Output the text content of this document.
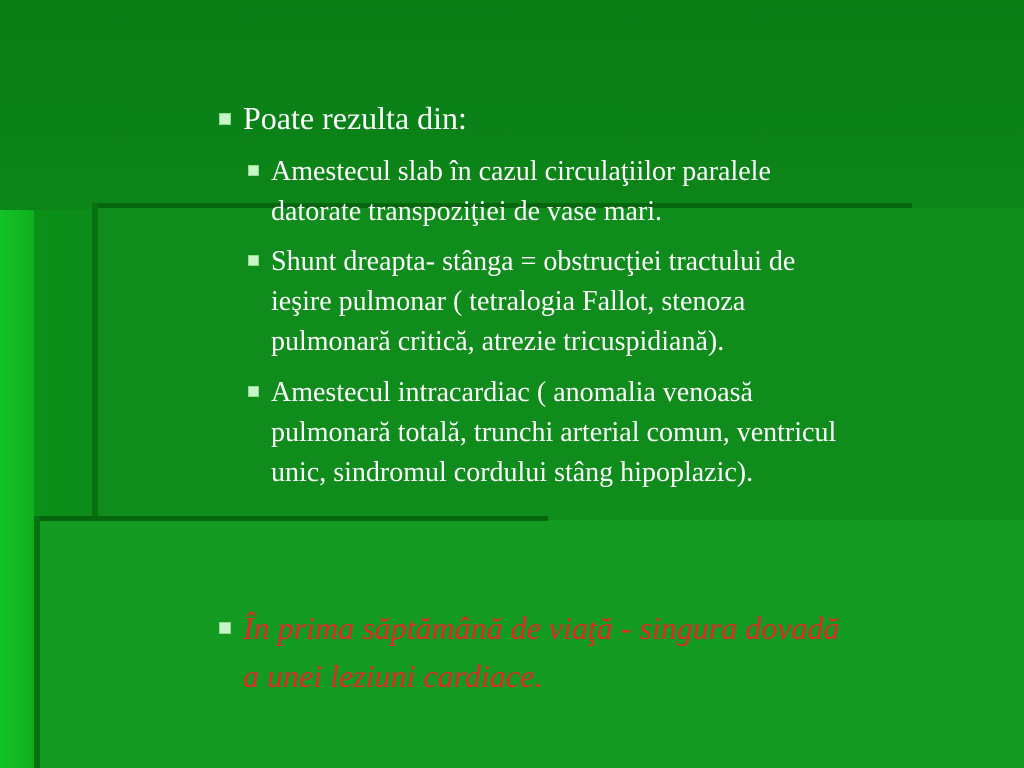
Poate rezulta din:
Amestecul slab în cazul circulaţiilor paralele
datorate transpoziţiei de vase mari.
Shunt dreapta- stânga = obstrucţiei tractului de
ieşire pulmonar ( tetralogia Fallot, stenoza
pulmonară critică, atrezie tricuspidiană).
Amestecul intracardiac ( anomalia venoasă
pulmonară totală, trunchi arterial comun, ventricul
unic, sindromul cordului stâng hipoplazic).
În prima săptămână de viaţă - singura dovadă
a unei leziuni cardiace.
